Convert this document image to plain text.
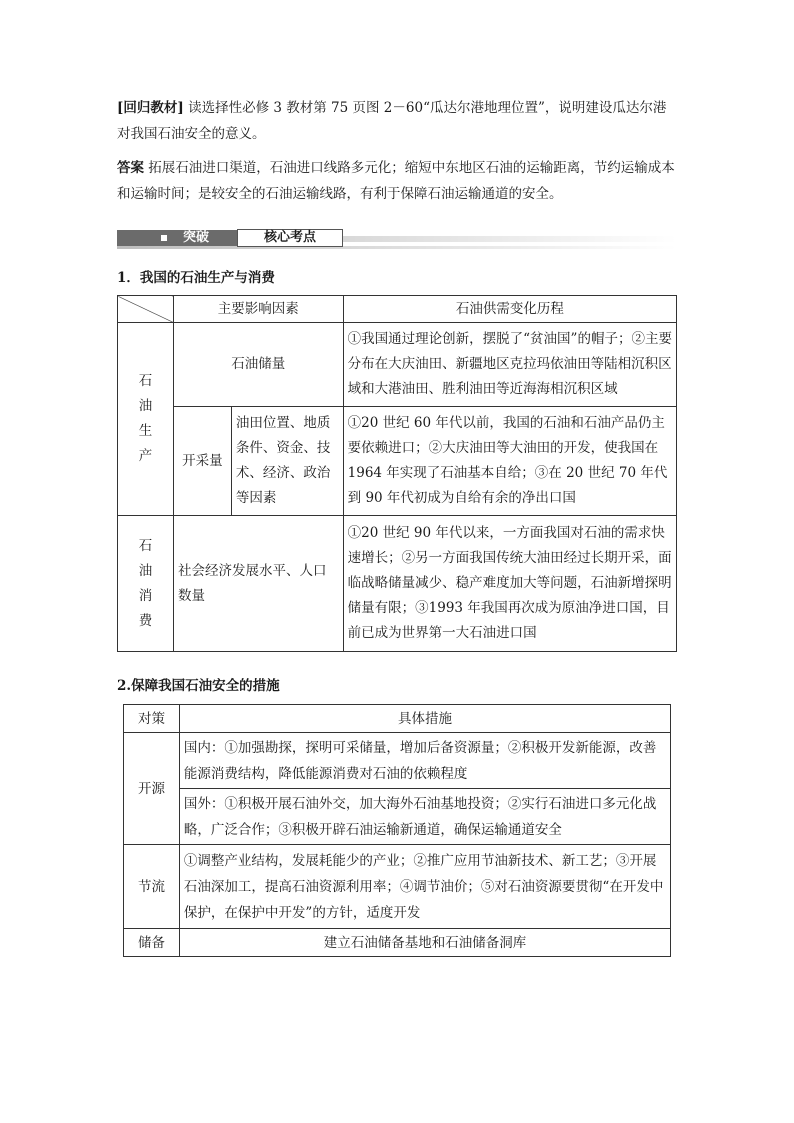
[回归教材] 读选择性必修 3 教材第 75 页图 2－60“瓜达尔港地理位置”，说明建设瓜达尔港对我国石油安全的意义。
答案 拓展石油进口渠道，石油进口线路多元化；缩短中东地区石油的运输距离，节约运输成本和运输时间；是较安全的石油运输线路，有利于保障石油运输通道的安全。
突破	核心考点
1．我国的石油生产与消费
	主要影响因素		石油供需变化历程
石油生产	石油储量		①我国通过理论创新，摆脱了“贫油国”的帽子；②主要分布在大庆油田、新疆地区克拉玛依油田等陆相沉积区域和大港油田、胜利油田等近海海相沉积区域
	开采量	油田位置、地质条件、资金、技术、经济、政治等因素	①20 世纪 60 年代以前，我国的石油和石油产品仍主要依赖进口；②大庆油田等大油田的开发，使我国在 1964 年实现了石油基本自给；③在 20 世纪 70 年代到 90 年代初成为自给有余的净出口国
石油消费	社会经济发展水平、人口数量		①20 世纪 90 年代以来，一方面我国对石油的需求快速增长；②另一方面我国传统大油田经过长期开采，面临战略储量减少、稳产难度加大等问题，石油新增探明储量有限；③1993 年我国再次成为原油净进口国，目前已成为世界第一大石油进口国
2.保障我国石油安全的措施
对策	具体措施
开源	国内：①加强勘探，探明可采储量，增加后备资源量；②积极开发新能源，改善能源消费结构，降低能源消费对石油的依赖程度
	国外：①积极开展石油外交，加大海外石油基地投资；②实行石油进口多元化战略，广泛合作；③积极开辟石油运输新通道，确保运输通道安全
节流	①调整产业结构，发展耗能少的产业；②推广应用节油新技术、新工艺；③开展石油深加工，提高石油资源利用率；④调节油价；⑤对石油资源要贯彻“在开发中保护，在保护中开发”的方针，适度开发
储备	建立石油储备基地和石油储备洞库
